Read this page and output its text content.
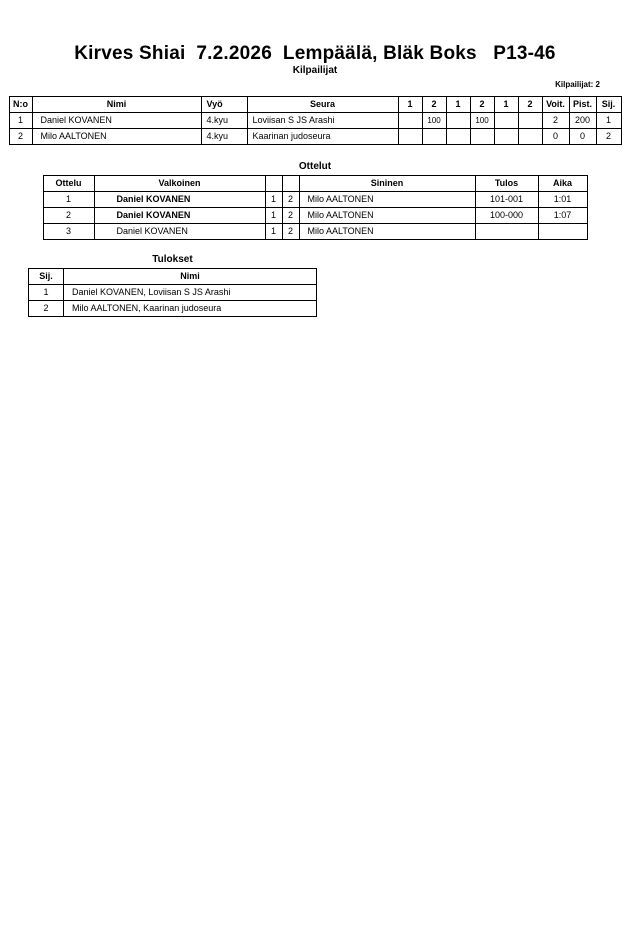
Kirves Shiai  7.2.2026  Lempäälä, Bläk Boks   P13-46
Kilpailijat
Kilpailijat: 2
N:o	Nimi	Vyö	Seura	1	2	1	2	1	2	Voit.	Pist.	Sij.
1	Daniel KOVANEN	4.kyu	Loviisan S JS Arashi		100		100			2	200	1
2	Milo AALTONEN	4.kyu	Kaarinan judoseura							0	0	2
Ottelut
Ottelu	Valkoinen			Sininen	Tulos	Aika
1	Daniel KOVANEN	1	2	Milo AALTONEN	101-001	1:01
2	Daniel KOVANEN	1	2	Milo AALTONEN	100-000	1:07
3	Daniel KOVANEN	1	2	Milo AALTONEN		
Tulokset
Sij.	Nimi
1	Daniel KOVANEN, Loviisan S JS Arashi
2	Milo AALTONEN, Kaarinan judoseura
